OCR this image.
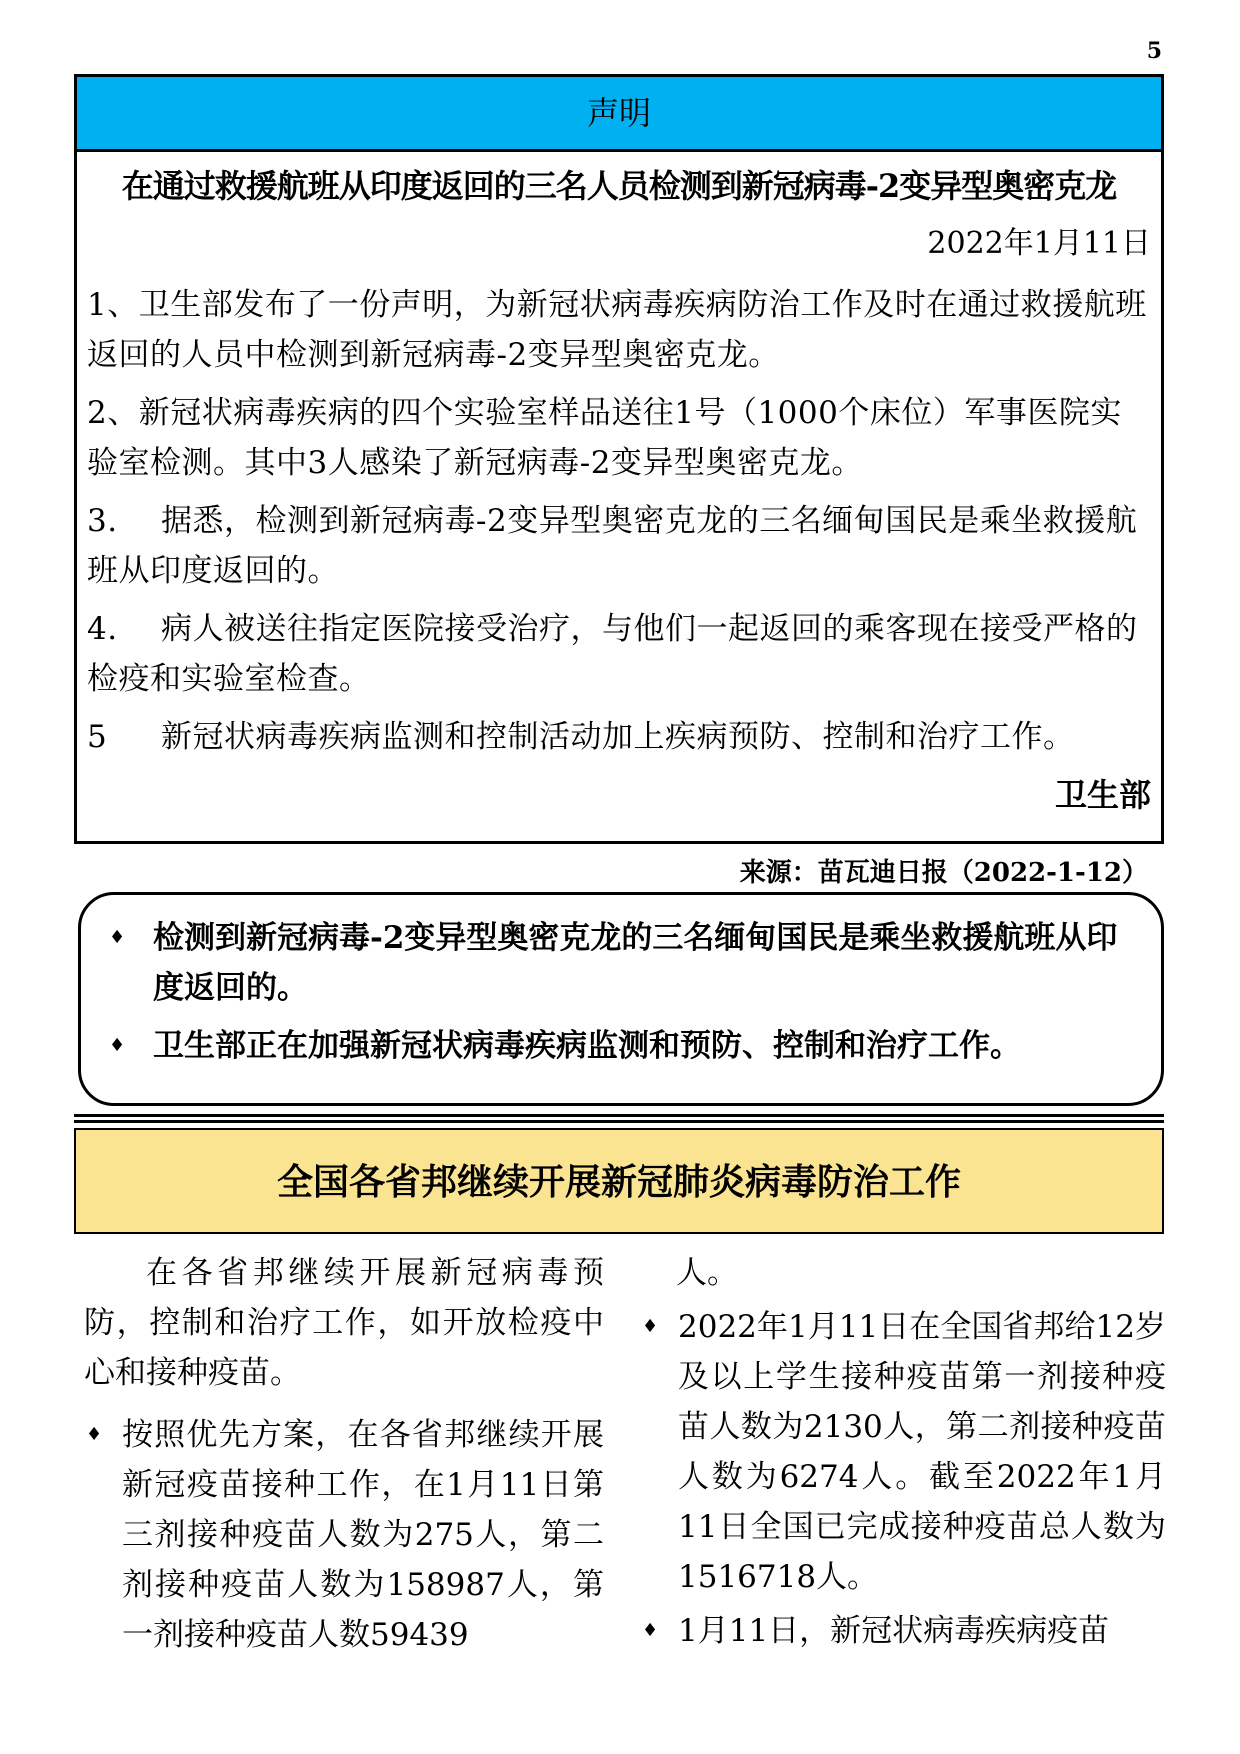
5
声明
在通过救援航班从印度返回的三名人员检测到新冠病毒-2变异型奥密克龙
2022年1月11日
1、卫生部发布了一份声明，为新冠状病毒疾病防治工作及时在通过救援航班返回的人员中检测到新冠病毒-2变异型奥密克龙。
2、新冠状病毒疾病的四个实验室样品送往1号（1000个床位）军事医院实验室检测。其中3人感染了新冠病毒-2变异型奥密克龙。
3. 据悉，检测到新冠病毒-2变异型奥密克龙的三名缅甸国民是乘坐救援航班从印度返回的。
4. 病人被送往指定医院接受治疗，与他们一起返回的乘客现在接受严格的检疫和实验室检查。
5 新冠状病毒疾病监测和控制活动加上疾病预防、控制和治疗工作。
卫生部
来源：苗瓦迪日报（2022-1-12）
♦ 检测到新冠病毒-2变异型奥密克龙的三名缅甸国民是乘坐救援航班从印度返回的。
♦ 卫生部正在加强新冠状病毒疾病监测和预防、控制和治疗工作。
全国各省邦继续开展新冠肺炎病毒防治工作

在各省邦继续开展新冠病毒预防，控制和治疗工作，如开放检疫中心和接种疫苗。

♦ 按照优先方案，在各省邦继续开展新冠疫苗接种工作，在1月11日第三剂接种疫苗人数为275人，第二剂接种疫苗人数为158987人，第一剂接种疫苗人数59439
人。
♦ 2022年1月11日在全国省邦给12岁及以上学生接种疫苗第一剂接种疫苗人数为2130人，第二剂接种疫苗人数为6274人。截至2022年1月11日全国已完成接种疫苗总人数为1516718人。
♦ 1月11日，新冠状病毒疾病疫苗
